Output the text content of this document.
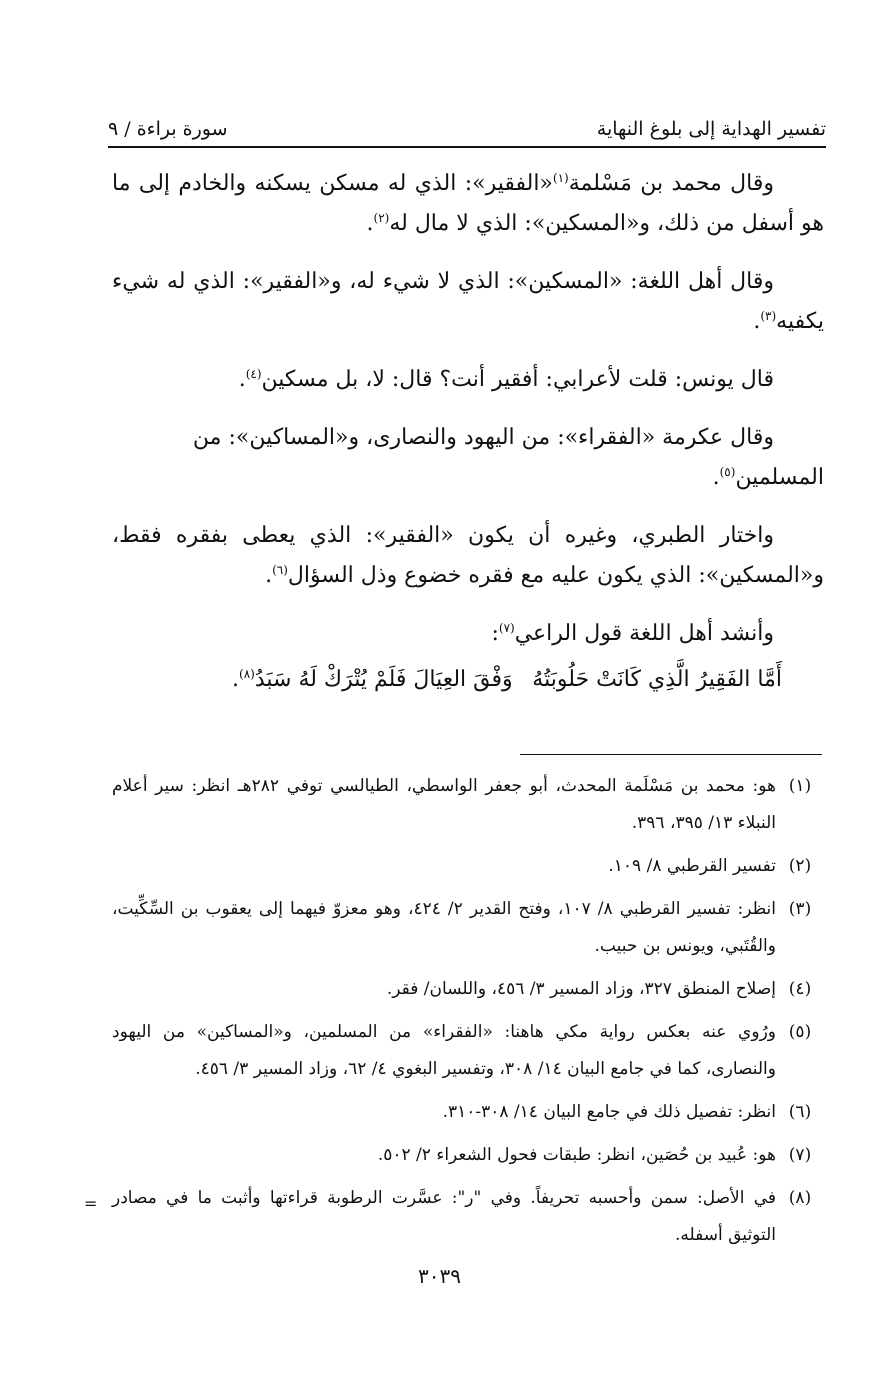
تفسير الهداية إلى بلوغ النهاية
سورة براءة / ٩

وقال محمد بن مَسْلمة$^{(١)}$«الفقير»: الذي له مسكن يسكنه والخادم إلى ما هو أسفل من ذلك، و«المسكين»: الذي لا مال له$^{(٢)}$.

وقال أهل اللغة: «المسكين»: الذي لا شيء له، و«الفقير»: الذي له شيء يكفيه$^{(٣)}$.

قال يونس: قلت لأعرابي: أفقير أنت؟ قال: لا، بل مسكين$^{(٤)}$.

وقال عكرمة «الفقراء»: من اليهود والنصارى، و«المساكين»: من المسلمين$^{(٥)}$.

واختار الطبري، وغيره أن يكون «الفقير»: الذي يعطى بفقره فقط، و«المسكين»: الذي يكون عليه مع فقره خضوع وذل السؤال$^{(٦)}$.

وأنشد أهل اللغة قول الراعي$^{(٧)}$:

أَمَّا الفَقِيرُ الَّذِي كَانَتْ حَلُوبَتُهُ
وَفْقَ العِيَالَ فَلَمْ يُتْرَكْ لَهُ سَبَدُ$^{(٨)}$.
(١)
هو: محمد بن مَسْلَمة المحدث، أبو جعفر الواسطي، الطيالسي توفي ٢٨٢هـ انظر: سير أعلام النبلاء ١٣/ ٣٩٥، ٣٩٦.
(٢)
تفسير القرطبي ٨/ ١٠٩.
(٣)
انظر: تفسير القرطبي ٨/ ١٠٧، وفتح القدير ٢/ ٤٢٤، وهو معزوّ فيهما إلى يعقوب بن السِّكِّيت، والقُتَبي، ويونس بن حبيب.
(٤)
إصلاح المنطق ٣٢٧، وزاد المسير ٣/ ٤٥٦، واللسان/ فقر.
(٥)
ورُوي عنه بعكس رواية مكي هاهنا: «الفقراء» من المسلمين، و«المساكين» من اليهود والنصارى، كما في جامع البيان ١٤/ ٣٠٨، وتفسير البغوي ٤/ ٦٢، وزاد المسير ٣/ ٤٥٦.
(٦)
انظر: تفصيل ذلك في جامع البيان ١٤/ ٣٠٨-٣١٠.
(٧)
هو: عُبيد بن حُصَين، انظر: طبقات فحول الشعراء ٢/ ٥٠٢.
(٨)
في الأصل: سمن وأحسبه تحريفاً. وفي "ر": عسَّرت الرطوبة قراءتها وأثبت ما في مصادر التوثيق أسفله.
=
٣٠٣٩
